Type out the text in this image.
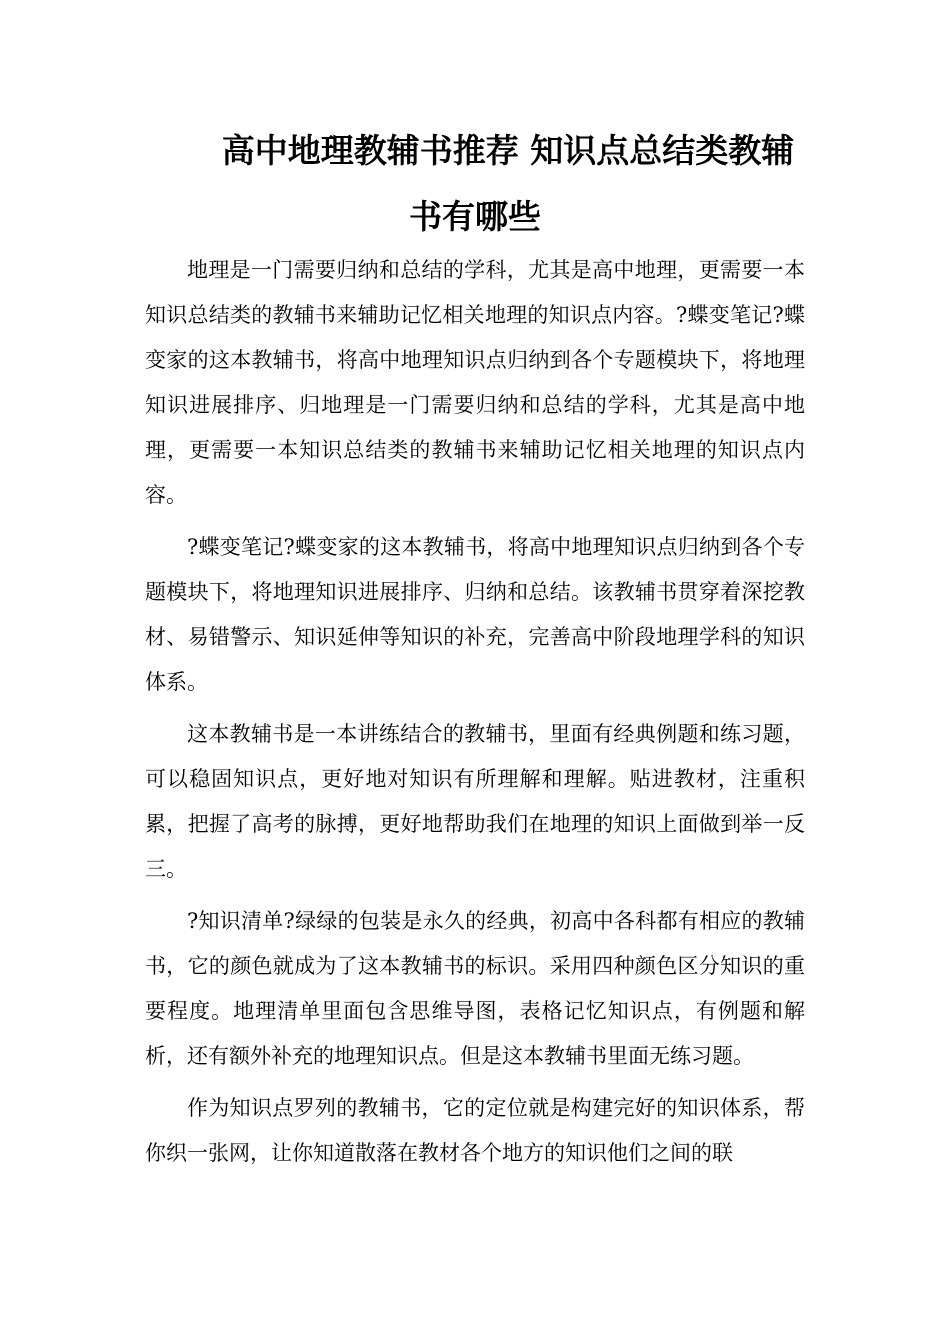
高中地理教辅书推荐 知识点总结类教辅书有哪些

地理是一门需要归纳和总结的学科，尤其是高中地理，更需要一本知识总结类的教辅书来辅助记忆相关地理的知识点内容。?蝶变笔记?蝶变家的这本教辅书，将高中地理知识点归纳到各个专题模块下，将地理知识进展排序、归地理是一门需要归纳和总结的学科，尤其是高中地理，更需要一本知识总结类的教辅书来辅助记忆相关地理的知识点内容。

?蝶变笔记?蝶变家的这本教辅书，将高中地理知识点归纳到各个专题模块下，将地理知识进展排序、归纳和总结。该教辅书贯穿着深挖教材、易错警示、知识延伸等知识的补充，完善高中阶段地理学科的知识体系。

这本教辅书是一本讲练结合的教辅书，里面有经典例题和练习题，可以稳固知识点，更好地对知识有所理解和理解。贴进教材，注重积累，把握了高考的脉搏，更好地帮助我们在地理的知识上面做到举一反三。

?知识清单?绿绿的包装是永久的经典，初高中各科都有相应的教辅书，它的颜色就成为了这本教辅书的标识。采用四种颜色区分知识的重要程度。地理清单里面包含思维导图，表格记忆知识点，有例题和解析，还有额外补充的地理知识点。但是这本教辅书里面无练习题。

作为知识点罗列的教辅书，它的定位就是构建完好的知识体系，帮你织一张网，让你知道散落在教材各个地方的知识他们之间的联
